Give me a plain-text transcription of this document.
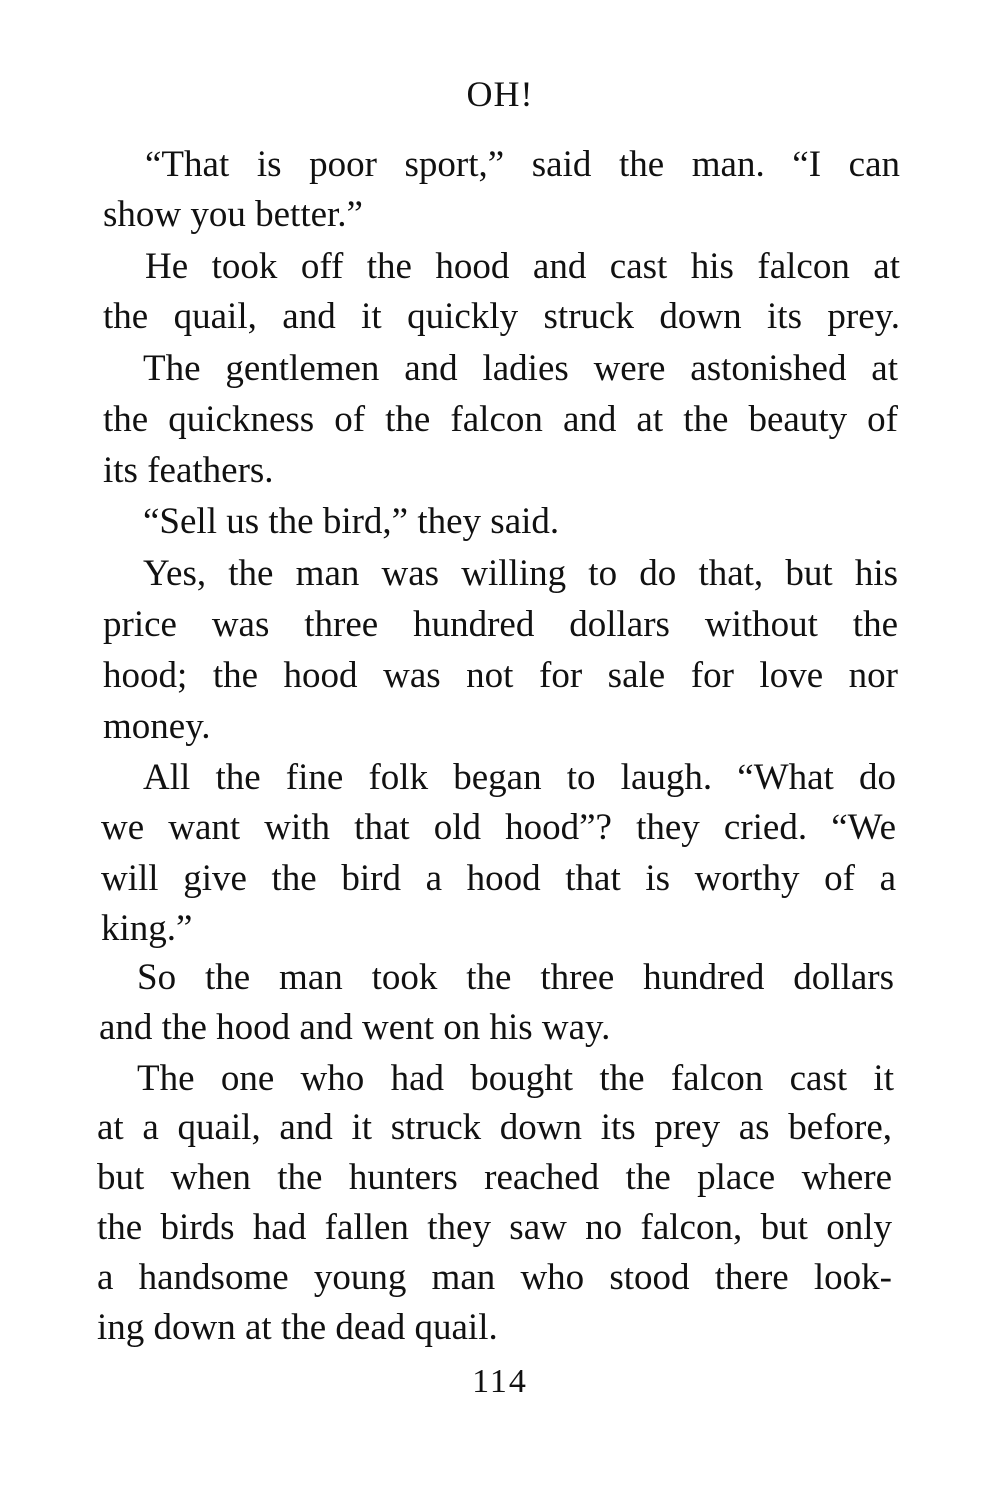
OH!
“That is poor sport,” said the man. “I can
show you better.”
He took off the hood and cast his falcon at
the quail, and it quickly struck down its prey.
The gentlemen and ladies were astonished at
the quickness of the falcon and at the beauty of
its feathers.
“Sell us the bird,” they said.
Yes, the man was willing to do that, but his
price was three hundred dollars without the
hood; the hood was not for sale for love nor
money.
All the fine folk began to laugh. “What do
we want with that old hood”? they cried. “We
will give the bird a hood that is worthy of a
king.”
So the man took the three hundred dollars
and the hood and went on his way.
The one who had bought the falcon cast it
at a quail, and it struck down its prey as before,
but when the hunters reached the place where
the birds had fallen they saw no falcon, but only
a handsome young man who stood there look-
ing down at the dead quail.
114
